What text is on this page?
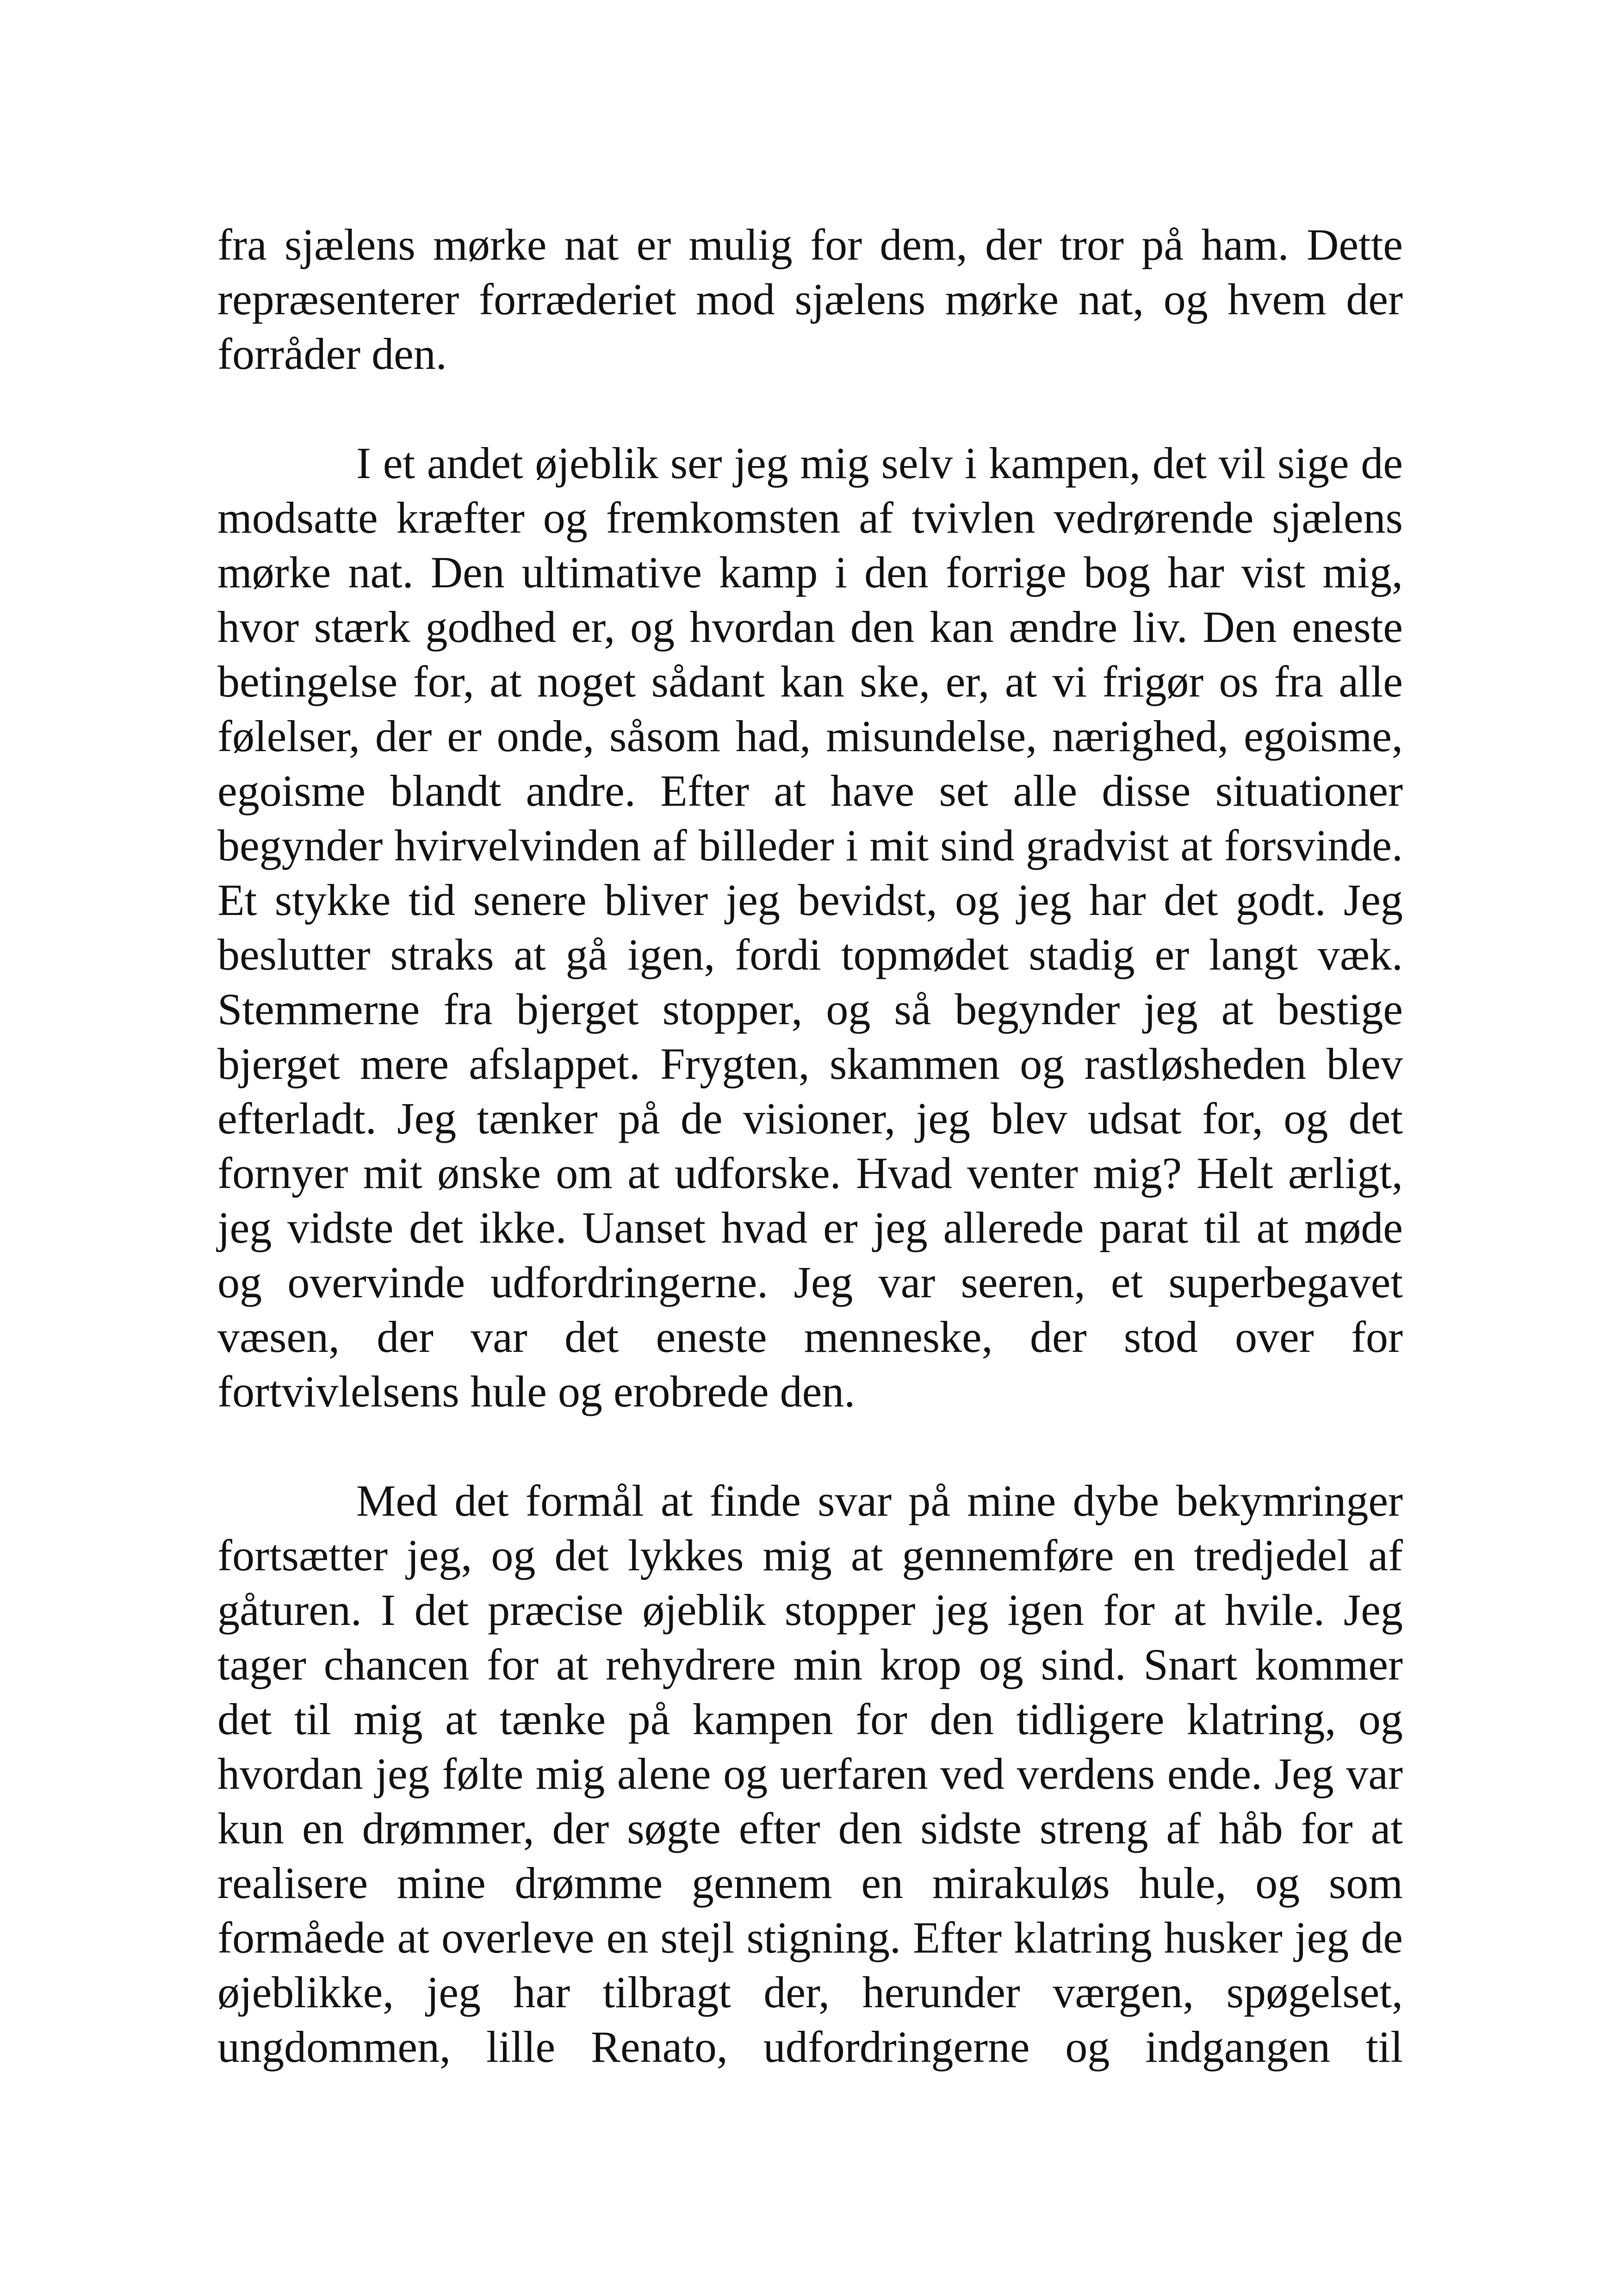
fra sjælens mørke nat er mulig for dem, der tror på ham. Dette repræsenterer forræderiet mod sjælens mørke nat, og hvem der forråder den.

I et andet øjeblik ser jeg mig selv i kampen, det vil sige de modsatte kræfter og fremkomsten af tvivlen vedrørende sjælens mørke nat. Den ultimative kamp i den forrige bog har vist mig, hvor stærk godhed er, og hvordan den kan ændre liv. Den eneste betingelse for, at noget sådant kan ske, er, at vi frigør os fra alle følelser, der er onde, såsom had, misundelse, nærighed, egoisme, egoisme blandt andre. Efter at have set alle disse situationer begynder hvirvelvinden af billeder i mit sind gradvist at forsvinde. Et stykke tid senere bliver jeg bevidst, og jeg har det godt. Jeg beslutter straks at gå igen, fordi topmødet stadig er langt væk. Stemmerne fra bjerget stopper, og så begynder jeg at bestige bjerget mere afslappet. Frygten, skammen og rastløsheden blev efterladt. Jeg tænker på de visioner, jeg blev udsat for, og det fornyer mit ønske om at udforske. Hvad venter mig? Helt ærligt, jeg vidste det ikke. Uanset hvad er jeg allerede parat til at møde og overvinde udfordringerne. Jeg var seeren, et superbegavet væsen, der var det eneste menneske, der stod over for fortvivlelsens hule og erobrede den.

Med det formål at finde svar på mine dybe bekymringer fortsætter jeg, og det lykkes mig at gennemføre en tredjedel af gåturen. I det præcise øjeblik stopper jeg igen for at hvile. Jeg tager chancen for at rehydrere min krop og sind. Snart kommer det til mig at tænke på kampen for den tidligere klatring, og hvordan jeg følte mig alene og uerfaren ved verdens ende. Jeg var kun en drømmer, der søgte efter den sidste streng af håb for at realisere mine drømme gennem en mirakuløs hule, og som formåede at overleve en stejl stigning. Efter klatring husker jeg de øjeblikke, jeg har tilbragt der, herunder værgen, spøgelset, ungdommen, lille Renato, udfordringerne og indgangen til
